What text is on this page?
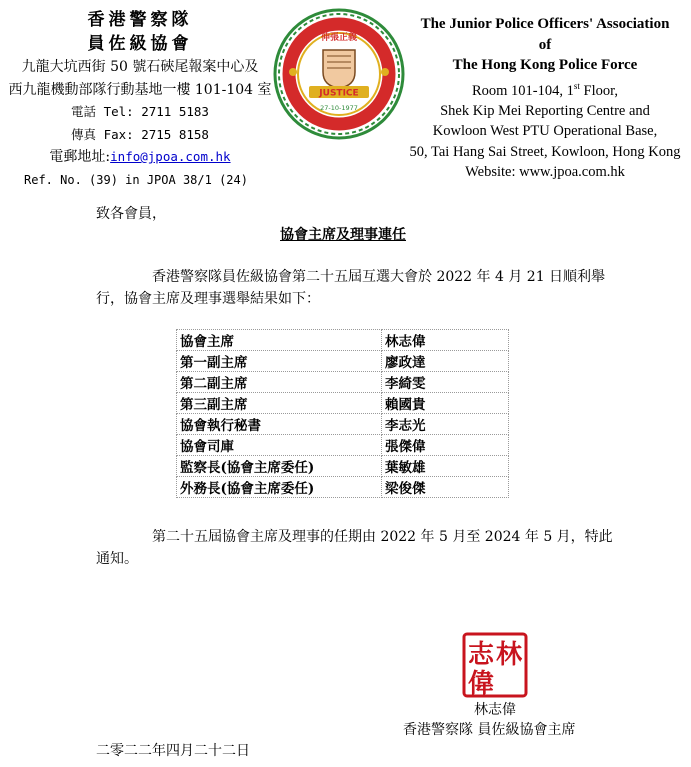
香港警察隊
員佐級協會
九龍大坑西街 50 號石硤尾報案中心及
西九龍機動部隊行動基地一樓 101-104 室
電話 Tel: 2711 5183
傳真 Fax: 2715 8158
電郵地址:info@jpoa.com.hk
伸張正義
JUSTICE
27-10-1977
The Junior Police Officers' Association
of
The Hong Kong Police Force
Room 101-104, 1st Floor,
Shek Kip Mei Reporting Centre and
Kowloon West PTU Operational Base,
50, Tai Hang Sai Street, Kowloon, Hong Kong
Website: www.jpoa.com.hk
Ref. No. (39) in JPOA 38/1 (24)
致各會員，
協會主席及理事連任
香港警察隊員佐級協會第二十五屆互選大會於 2022 年 4 月 21 日順利舉行，協會主席及理事選舉結果如下：
協會主席	林志偉
第一副主席	廖政達
第二副主席	李綺雯
第三副主席	賴國貴
協會執行秘書	李志光
協會司庫	張傑偉
監察長(協會主席委任)	葉敏雄
外務長(協會主席委任)	梁俊傑
第二十五屆協會主席及理事的任期由 2022 年 5 月至 2024 年 5 月，特此通知。
林
志
偉
林志偉
香港警察隊 員佐級協會主席
二零二二年四月二十二日
